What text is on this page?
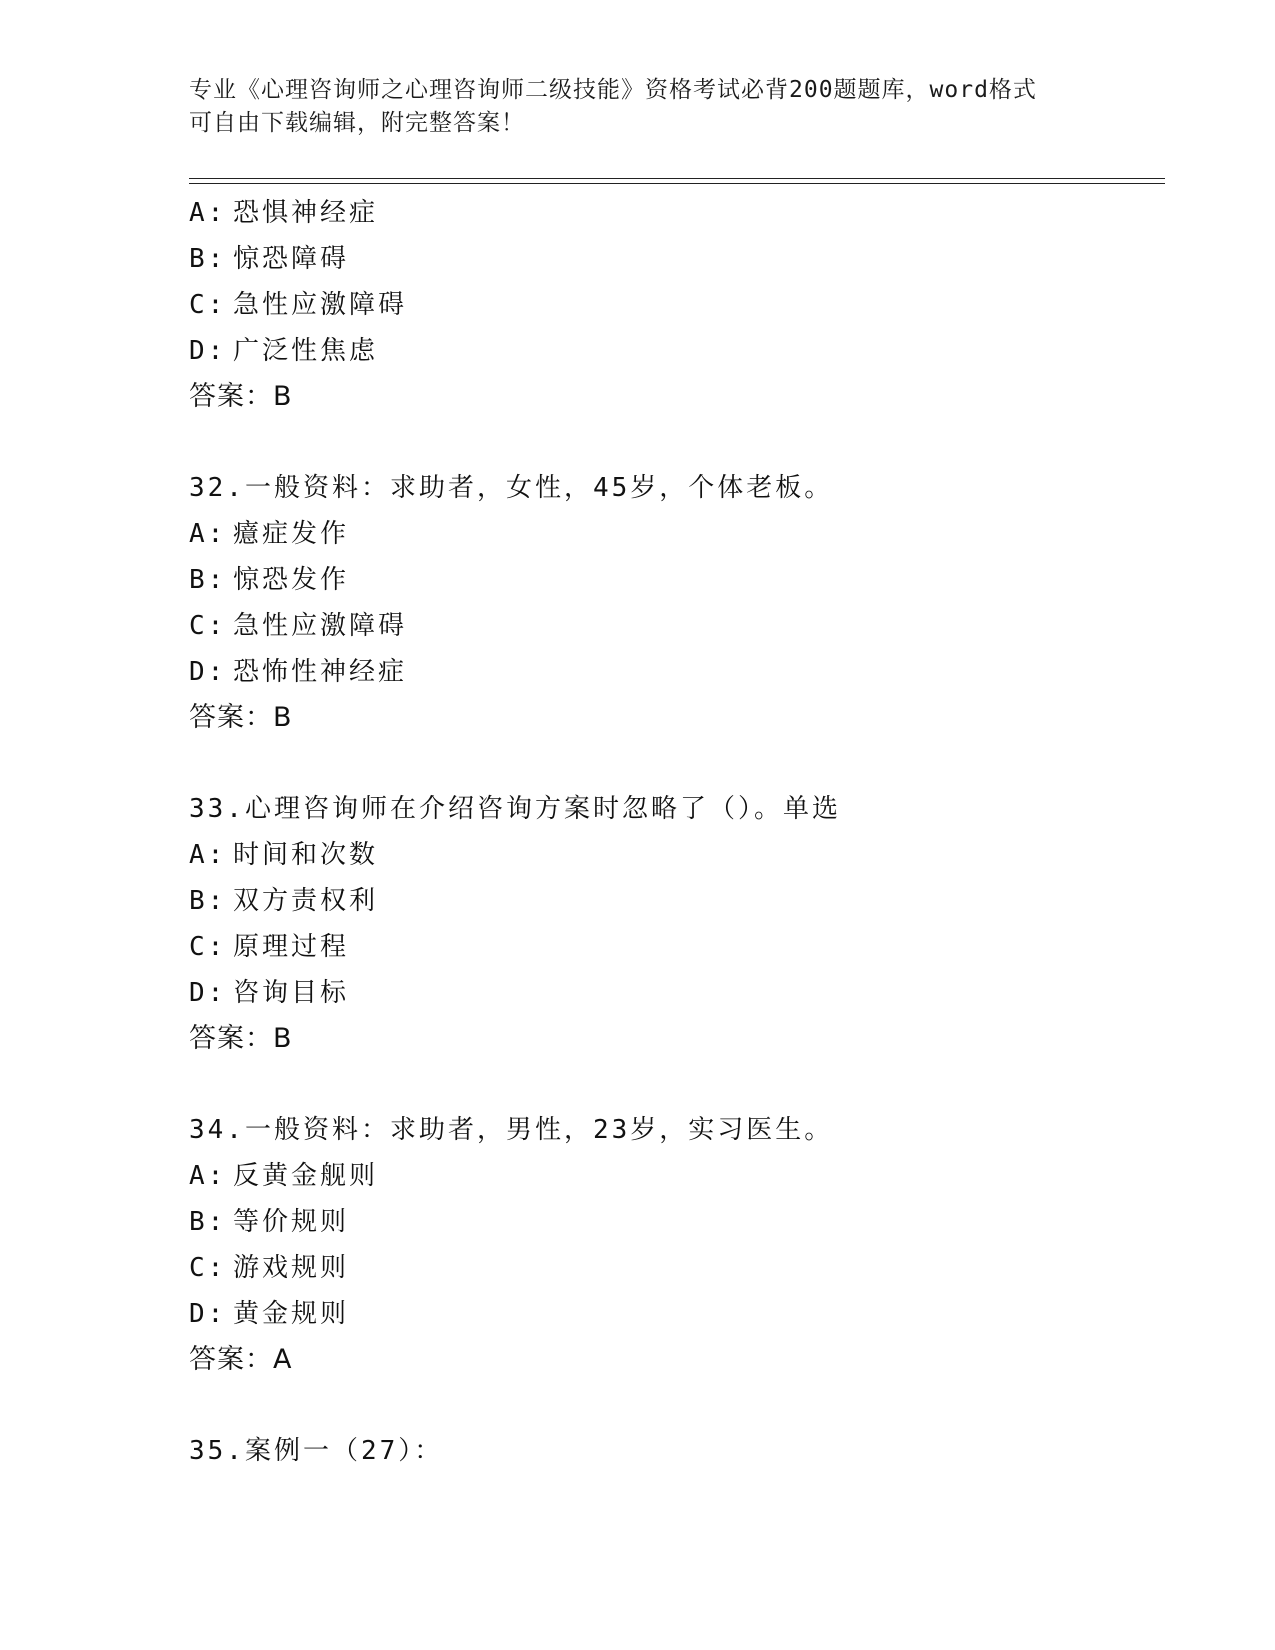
专业《心理咨询师之心理咨询师二级技能》资格考试必背200题题库，word格式
可自由下载编辑，附完整答案！
A: 恐惧神经症
B: 惊恐障碍
C: 急性应激障碍
D: 广泛性焦虑
答案：B
32.一般资料：求助者，女性，45岁，个体老板。
A: 癔症发作
B: 惊恐发作
C: 急性应激障碍
D: 恐怖性神经症
答案：B
33.心理咨询师在介绍咨询方案时忽略了（）。单选
A: 时间和次数
B: 双方责权利
C: 原理过程
D: 咨询目标
答案：B
34.一般资料：求助者，男性，23岁，实习医生。
A: 反黄金舰则
B: 等价规则
C: 游戏规则
D: 黄金规则
答案：A
35.案例一（27）：
